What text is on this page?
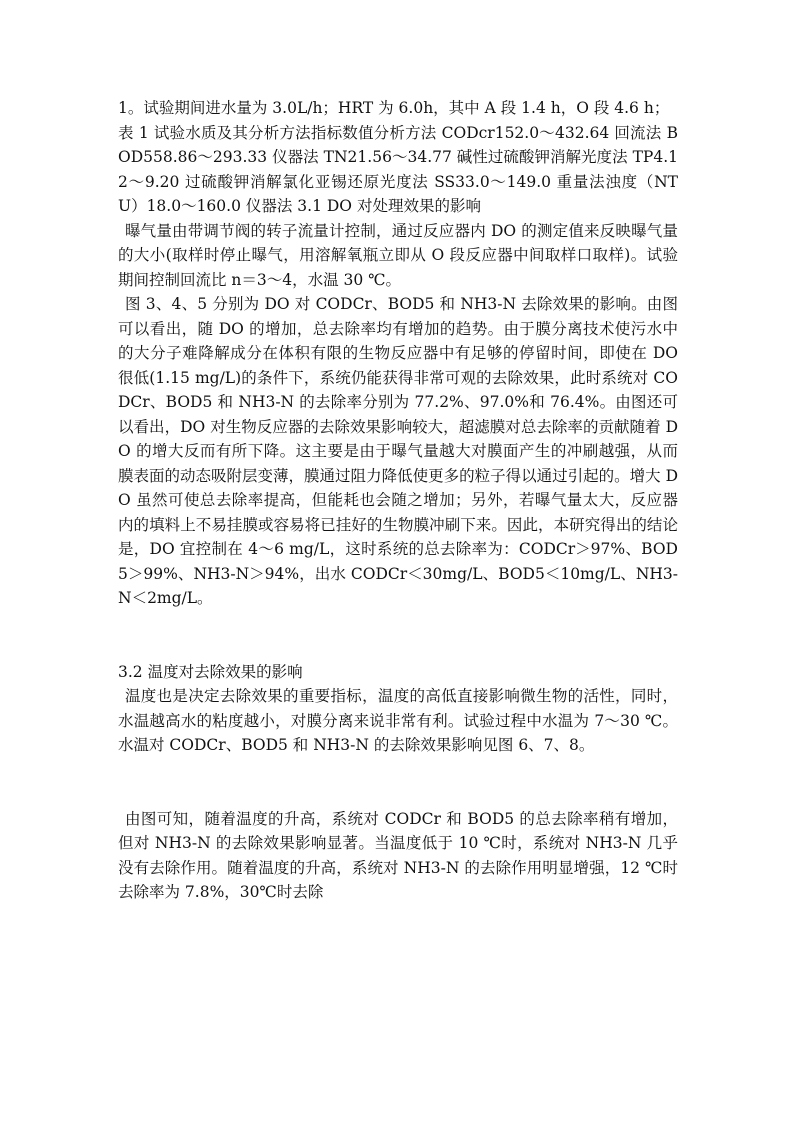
1。试验期间进水量为 3.0L/h；HRT 为 6.0h，其中 A 段 1.4 h，O 段 4.6 h；

表 1 试验水质及其分析方法指标数值分析方法 CODcr152.0～432.64 回流法 BOD558.86～293.33 仪器法 TN21.56～34.77 碱性过硫酸钾消解光度法 TP4.12～9.20 过硫酸钾消解氯化亚锡还原光度法 SS33.0～149.0 重量法浊度（NTU）18.0～160.0 仪器法 3.1 DO 对处理效果的影响

曝气量由带调节阀的转子流量计控制，通过反应器内 DO 的测定值来反映曝气量的大小(取样时停止曝气，用溶解氧瓶立即从 O 段反应器中间取样口取样)。试验期间控制回流比 n＝3～4，水温 30 ℃。

图 3、4、5 分别为 DO 对 CODCr、BOD5 和 NH3-N 去除效果的影响。由图可以看出，随 DO 的增加，总去除率均有增加的趋势。由于膜分离技术使污水中的大分子难降解成分在体积有限的生物反应器中有足够的停留时间，即使在 DO 很低(1.15 mg/L)的条件下，系统仍能获得非常可观的去除效果，此时系统对 CODCr、BOD5 和 NH3-N 的去除率分别为 77.2%、97.0%和 76.4%。由图还可以看出，DO 对生物反应器的去除效果影响较大，超滤膜对总去除率的贡献随着 DO 的增大反而有所下降。这主要是由于曝气量越大对膜面产生的冲刷越强，从而膜表面的动态吸附层变薄，膜通过阻力降低使更多的粒子得以通过引起的。增大 DO 虽然可使总去除率提高，但能耗也会随之增加；另外，若曝气量太大，反应器内的填料上不易挂膜或容易将已挂好的生物膜冲刷下来。因此，本研究得出的结论是，DO 宜控制在 4～6 mg/L，这时系统的总去除率为：CODCr＞97%、BOD5＞99%、NH3-N＞94%，出水 CODCr＜30mg/L、BOD5＜10mg/L、NH3-N＜2mg/L。

3.2 温度对去除效果的影响

温度也是决定去除效果的重要指标，温度的高低直接影响微生物的活性，同时，水温越高水的粘度越小，对膜分离来说非常有利。试验过程中水温为 7～30 ℃。水温对 CODCr、BOD5 和 NH3-N 的去除效果影响见图 6、7、8。

由图可知，随着温度的升高，系统对 CODCr 和 BOD5 的总去除率稍有增加，但对 NH3-N 的去除效果影响显著。当温度低于 10 ℃时，系统对 NH3-N 几乎没有去除作用。随着温度的升高，系统对 NH3-N 的去除作用明显增强，12 ℃时去除率为 7.8%，30℃时去除
